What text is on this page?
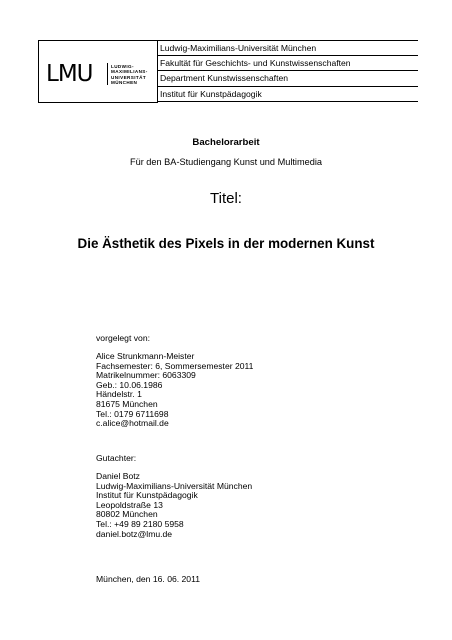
LMU	LUDWIG-
MAXIMILIANS-
UNIVERSITÄT
MÜNCHEN
Ludwig-Maximilians-Universität München
Fakultät für Geschichts- und Kunstwissenschaften
Department Kunstwissenschaften
Institut für Kunstpädagogik
Bachelorarbeit
Für den BA-Studiengang Kunst und Multimedia
Titel:
Die Ästhetik des Pixels in der modernen Kunst
vorgelegt von:
Alice Strunkmann-Meister
Fachsemester: 6, Sommersemester 2011
Matrikelnummer: 6063309
Geb.: 10.06.1986
Händelstr. 1
81675 München
Tel.: 0179 6711698
c.alice@hotmail.de
Gutachter:
Daniel Botz
Ludwig-Maximilians-Universität München
Institut für Kunstpädagogik
Leopoldstraße 13
80802 München
Tel.: +49 89 2180 5958
daniel.botz@lmu.de
München, den 16. 06. 2011
